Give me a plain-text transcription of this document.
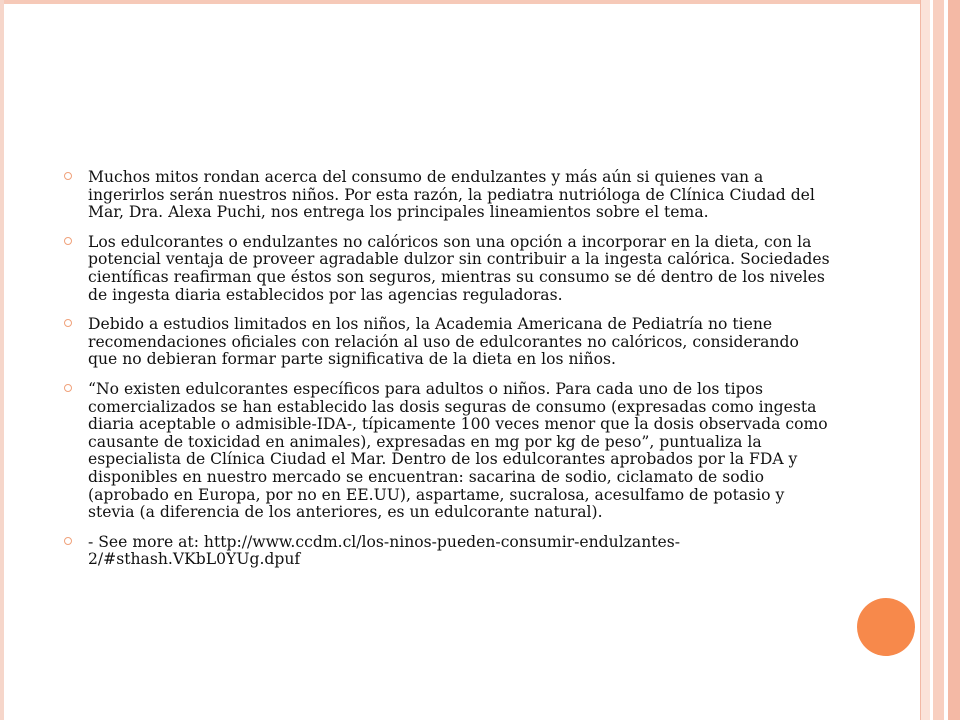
Muchos mitos rondan acerca del consumo de endulzantes y más aún si quienes van a ingerirlos serán nuestros niños. Por esta razón, la pediatra nutrióloga de Clínica Ciudad del Mar, Dra. Alexa Puchi, nos entrega los principales lineamientos sobre el tema.
Los edulcorantes o endulzantes no calóricos son una opción a incorporar en la dieta, con la potencial ventaja de proveer agradable dulzor sin contribuir a la ingesta calórica. Sociedades científicas reafirman que éstos son seguros, mientras su consumo se dé dentro de los niveles de ingesta diaria establecidos por las agencias reguladoras.
Debido a estudios limitados en los niños, la Academia Americana de Pediatría no tiene recomendaciones oficiales con relación al uso de edulcorantes no calóricos, considerando que no debieran formar parte significativa de la dieta en los niños.
“No existen edulcorantes específicos para adultos o niños. Para cada uno de los tipos comercializados se han establecido las dosis seguras de consumo (expresadas como ingesta diaria aceptable o admisible-IDA-, típicamente 100 veces menor que la dosis observada como causante de toxicidad en animales), expresadas en mg por kg de peso”, puntualiza la especialista de Clínica Ciudad el Mar. Dentro de los edulcorantes aprobados por la FDA y disponibles en nuestro mercado se encuentran: sacarina de sodio, ciclamato de sodio (aprobado en Europa, por no en EE.UU), aspartame, sucralosa, acesulfamo de potasio y stevia (a diferencia de los anteriores, es un edulcorante natural).
- See more at: http://www.ccdm.cl/los-ninos-pueden-consumir-endulzantes-2/#sthash.VKbL0YUg.dpuf
